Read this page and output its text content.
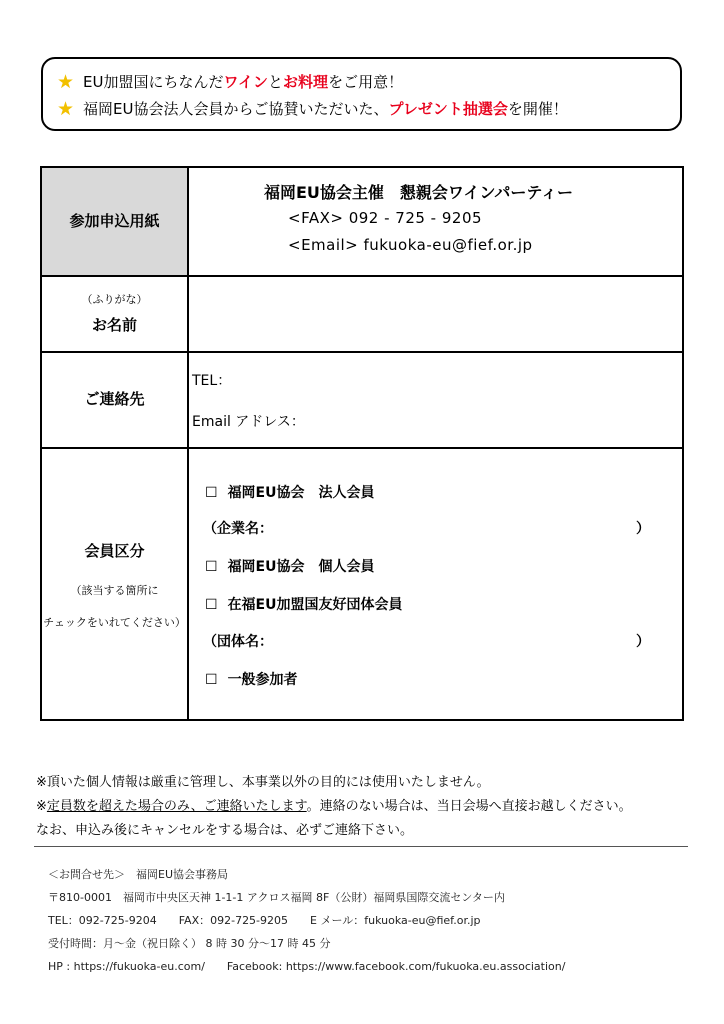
★ EU加盟国にちなんだワインとお料理をご用意！
★ 福岡EU協会法人会員からご協賛いただいた、プレゼント抽選会を開催！
参加申込用紙
福岡EU協会主催　懇親会ワインパーティー
<FAX> 092 - 725 - 9205
<Email> fukuoka-eu@fief.or.jp
（ふりがな）
お名前
ご連絡先
TEL：
Email アドレス：
会員区分
（該当する箇所に
チェックをいれてください）
☐ 福岡EU協会　法人会員
（企業名：	）
☐ 福岡EU協会　個人会員
☐ 在福EU加盟国友好団体会員
（団体名：	）
☐ 一般参加者
※頂いた個人情報は厳重に管理し、本事業以外の目的には使用いたしません。
※定員数を超えた場合のみ、ご連絡いたします。連絡のない場合は、当日会場へ直接お越しください。
なお、申込み後にキャンセルをする場合は、必ずご連絡下さい。
＜お問合せ先＞　福岡EU協会事務局
〒810-0001　福岡市中央区天神 1-1-1 アクロス福岡 8F（公財）福岡県国際交流センター内
TEL：092-725-9204　　FAX：092-725-9205　　E メール：fukuoka-eu@fief.or.jp
受付時間：月～金（祝日除く） 8 時 30 分～17 時 45 分
HP : https://fukuoka-eu.com/　　Facebook: https://www.facebook.com/fukuoka.eu.association/
